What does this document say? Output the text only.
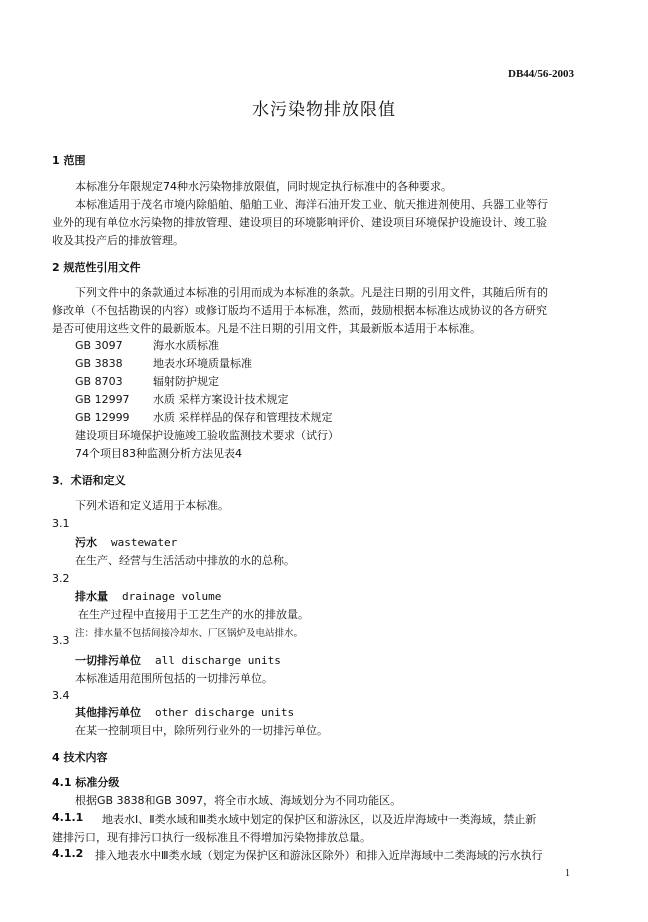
DB44/56-2003
水污染物排放限值
1 范围
本标准分年限规定74种水污染物排放限值，同时规定执行标准中的各种要求。
本标准适用于茂名市境内除船舶、船舶工业、海洋石油开发工业、航天推进剂使用、兵器工业等行
业外的现有单位水污染物的排放管理、建设项目的环境影响评价、建设项目环境保护设施设计、竣工验
收及其投产后的排放管理。
2 规范性引用文件
下列文件中的条款通过本标准的引用而成为本标准的条款。凡是注日期的引用文件，其随后所有的
修改单（不包括勘误的内容）或修订版均不适用于本标准，然而，鼓励根据本标准达成协议的各方研究
是否可使用这些文件的最新版本。凡是不注日期的引用文件，其最新版本适用于本标准。
GB 3097	海水水质标准
GB 3838	地表水环境质量标准
GB 8703	辐射防护规定
GB 12997 水质 采样方案设计技术规定
GB 12999 水质 采样样品的保存和管理技术规定
建设项目环境保护设施竣工验收监测技术要求（试行）
74个项目83种监测分析方法见表4
3．术语和定义
下列术语和定义适用于本标准。
3.1
污水 wastewater
在生产、经营与生活活动中排放的水的总称。
3.2
排水量 drainage volume
在生产过程中直接用于工艺生产的水的排放量。
注：排水量不包括间接冷却水、厂区锅炉及电站排水。
3.3
一切排污单位 all discharge units
本标准适用范围所包括的一切排污单位。
3.4
其他排污单位 other discharge units
在某一控制项目中，除所列行业外的一切排污单位。
4 技术内容
4.1 标准分级
根据GB 3838和GB 3097，将全市水域、海域划分为不同功能区。
4.1.1 地表水Ⅰ、Ⅱ类水域和Ⅲ类水域中划定的保护区和游泳区，以及近岸海域中一类海域，禁止新
建排污口，现有排污口执行一级标准且不得增加污染物排放总量。
4.1.2 排入地表水中Ⅲ类水域（划定为保护区和游泳区除外）和排入近岸海域中二类海域的污水执行
1
